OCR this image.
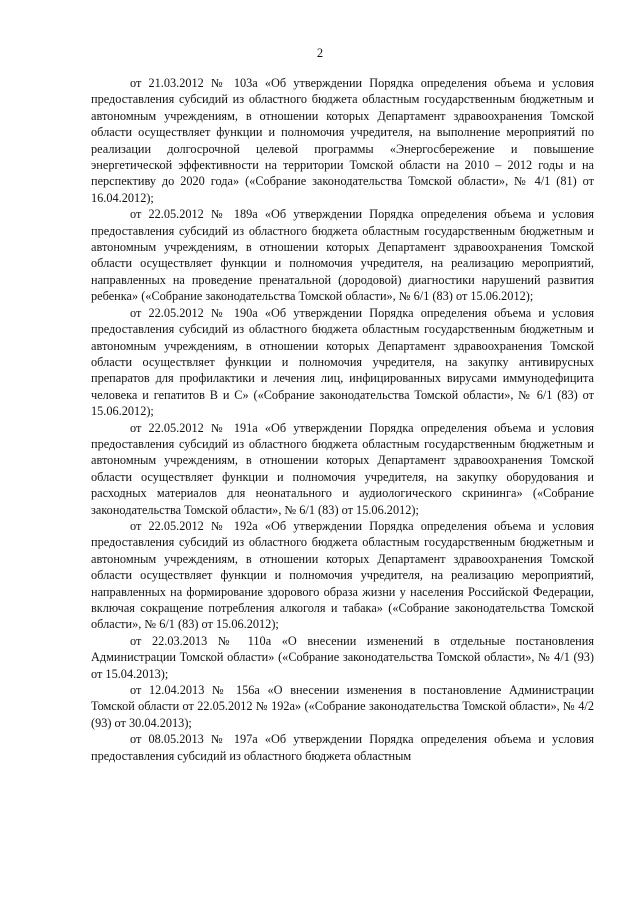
2

от 21.03.2012 № 103а «Об утверждении Порядка определения объема и условия предоставления субсидий из областного бюджета областным государственным бюджетным и автономным учреждениям, в отношении которых Департамент здравоохранения Томской области осуществляет функции и полномочия учредителя, на выполнение мероприятий по реализации долгосрочной целевой программы «Энергосбережение и повышение энергетической эффективности на территории Томской области на 2010 – 2012 годы и на перспективу до 2020 года» («Собрание законодательства Томской области», № 4/1 (81) от 16.04.2012);

от 22.05.2012 № 189а «Об утверждении Порядка определения объема и условия предоставления субсидий из областного бюджета областным государственным бюджетным и автономным учреждениям, в отношении которых Департамент здравоохранения Томской области осуществляет функции и полномочия учредителя, на реализацию мероприятий, направленных на проведение пренатальной (дородовой) диагностики нарушений развития ребенка» («Собрание законодательства Томской области», № 6/1 (83) от 15.06.2012);

от 22.05.2012 № 190а «Об утверждении Порядка определения объема и условия предоставления субсидий из областного бюджета областным государственным бюджетным и автономным учреждениям, в отношении которых Департамент здравоохранения Томской области осуществляет функции и полномочия учредителя, на закупку антивирусных препаратов для профилактики и лечения лиц, инфицированных вирусами иммунодефицита человека и гепатитов В и С» («Собрание законодательства Томской области», № 6/1 (83) от 15.06.2012);

от 22.05.2012 № 191а «Об утверждении Порядка определения объема и условия предоставления субсидий из областного бюджета областным государственным бюджетным и автономным учреждениям, в отношении которых Департамент здравоохранения Томской области осуществляет функции и полномочия учредителя, на закупку оборудования и расходных материалов для неонатального и аудиологического скрининга» («Собрание законодательства Томской области», № 6/1 (83) от 15.06.2012);

от 22.05.2012 № 192а «Об утверждении Порядка определения объема и условия предоставления субсидий из областного бюджета областным государственным бюджетным и автономным учреждениям, в отношении которых Департамент здравоохранения Томской области осуществляет функции и полномочия учредителя, на реализацию мероприятий, направленных на формирование здорового образа жизни у населения Российской Федерации, включая сокращение потребления алкоголя и табака» («Собрание законодательства Томской области», № 6/1 (83) от 15.06.2012);

от 22.03.2013 № 110а «О внесении изменений в отдельные постановления Администрации Томской области» («Собрание законодательства Томской области», № 4/1 (93) от 15.04.2013);

от 12.04.2013 № 156а «О внесении изменения в постановление Администрации Томской области от 22.05.2012 № 192а» («Собрание законодательства Томской области», № 4/2 (93) от 30.04.2013);

от 08.05.2013 № 197а «Об утверждении Порядка определения объема и условия предоставления субсидий из областного бюджета областным
